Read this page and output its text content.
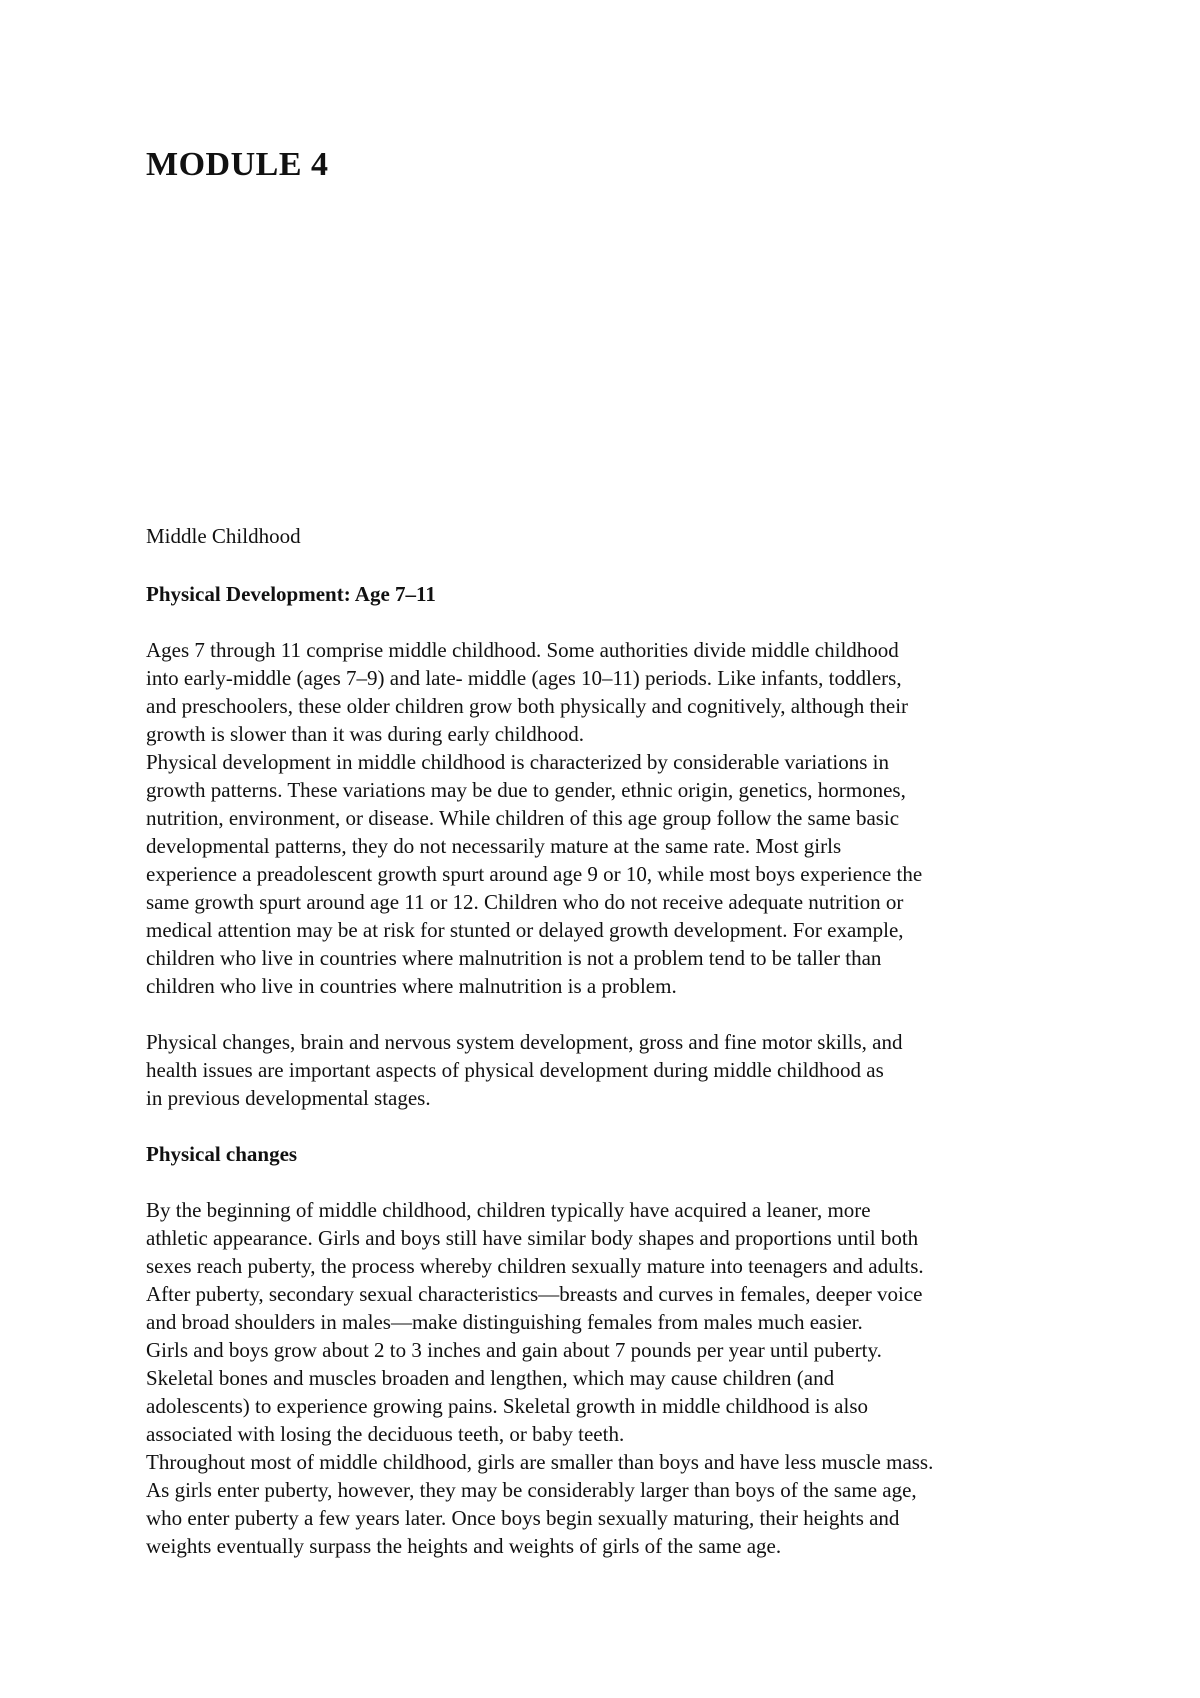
MODULE 4

Middle Childhood

Physical Development: Age 7–11

Ages 7 through 11 comprise middle childhood. Some authorities divide middle childhood
into early-middle (ages 7–9) and late- middle (ages 10–11) periods. Like infants, toddlers,
and preschoolers, these older children grow both physically and cognitively, although their
growth is slower than it was during early childhood.

Physical development in middle childhood is characterized by considerable variations in
growth patterns. These variations may be due to gender, ethnic origin, genetics, hormones,
nutrition, environment, or disease. While children of this age group follow the same basic
developmental patterns, they do not necessarily mature at the same rate. Most girls
experience a preadolescent growth spurt around age 9 or 10, while most boys experience the
same growth spurt around age 11 or 12. Children who do not receive adequate nutrition or
medical attention may be at risk for stunted or delayed growth development. For example,
children who live in countries where malnutrition is not a problem tend to be taller than
children who live in countries where malnutrition is a problem.

Physical changes, brain and nervous system development, gross and fine motor skills, and
health issues are important aspects of physical development during middle childhood as
in previous developmental stages.

Physical changes

By the beginning of middle childhood, children typically have acquired a leaner, more
athletic appearance. Girls and boys still have similar body shapes and proportions until both
sexes reach puberty, the process whereby children sexually mature into teenagers and adults.

After puberty, secondary sexual characteristics—breasts and curves in females, deeper voice
and broad shoulders in males—make distinguishing females from males much easier.

Girls and boys grow about 2 to 3 inches and gain about 7 pounds per year until puberty.
Skeletal bones and muscles broaden and lengthen, which may cause children (and
adolescents) to experience growing pains. Skeletal growth in middle childhood is also
associated with losing the deciduous teeth, or baby teeth.

Throughout most of middle childhood, girls are smaller than boys and have less muscle mass.
As girls enter puberty, however, they may be considerably larger than boys of the same age,
who enter puberty a few years later. Once boys begin sexually maturing, their heights and
weights eventually surpass the heights and weights of girls of the same age.
